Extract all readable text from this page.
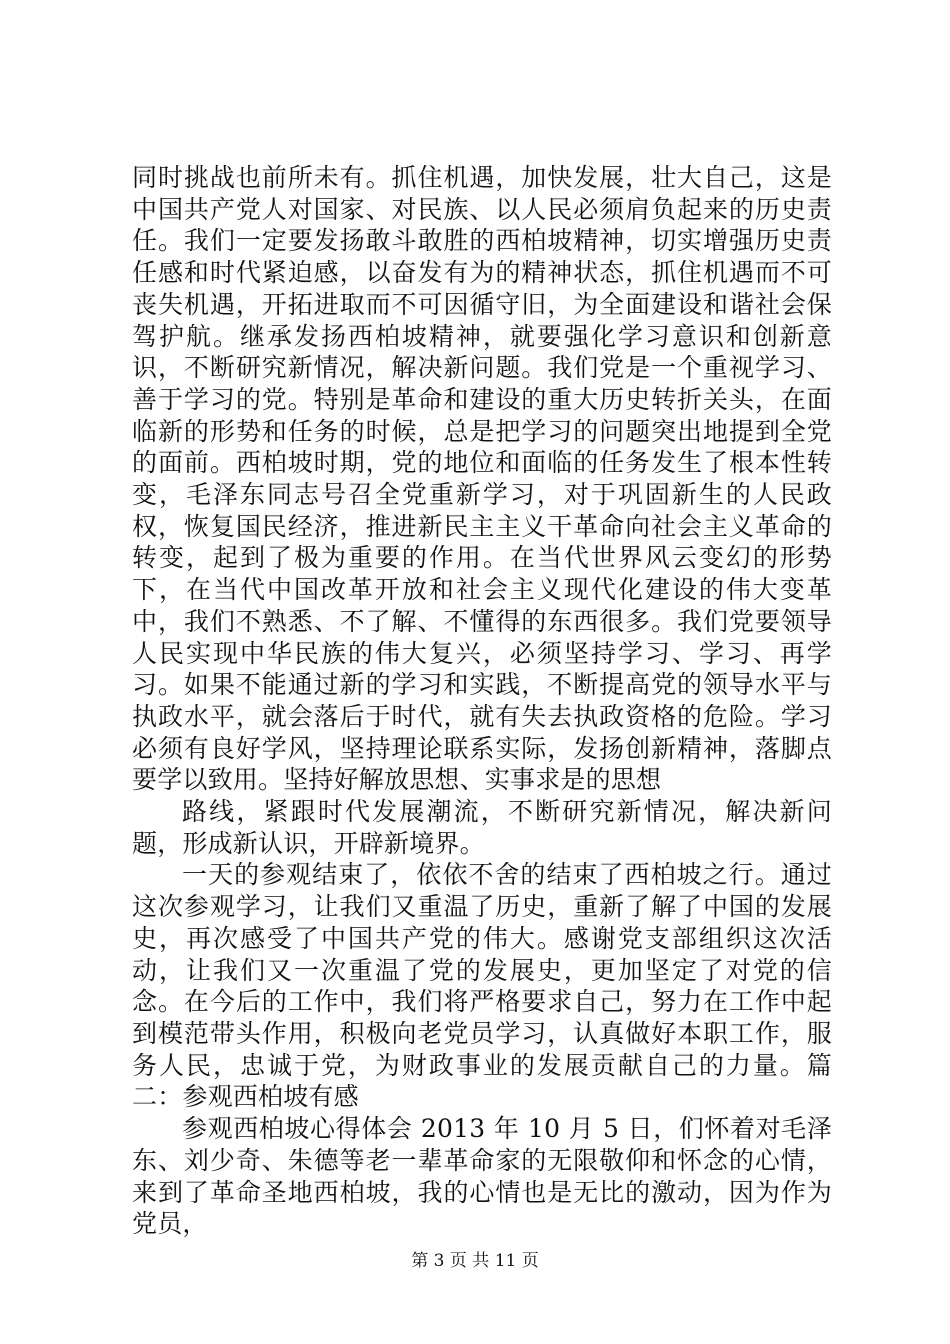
同时挑战也前所未有。抓住机遇，加快发展，壮大自己，这是中国共产党人对国家、对民族、以人民必须肩负起来的历史责任。我们一定要发扬敢斗敢胜的西柏坡精神，切实增强历史责任感和时代紧迫感，以奋发有为的精神状态，抓住机遇而不可丧失机遇，开拓进取而不可因循守旧，为全面建设和谐社会保驾护航。继承发扬西柏坡精神，就要强化学习意识和创新意识，不断研究新情况，解决新问题。我们党是一个重视学习、善于学习的党。特别是革命和建设的重大历史转折关头，在面临新的形势和任务的时候，总是把学习的问题突出地提到全党的面前。西柏坡时期，党的地位和面临的任务发生了根本性转变，毛泽东同志号召全党重新学习，对于巩固新生的人民政权，恢复国民经济，推进新民主主义干革命向社会主义革命的转变，起到了极为重要的作用。在当代世界风云变幻的形势下，在当代中国改革开放和社会主义现代化建设的伟大变革中，我们不熟悉、不了解、不懂得的东西很多。我们党要领导人民实现中华民族的伟大复兴，必须坚持学习、学习、再学习。如果不能通过新的学习和实践，不断提高党的领导水平与执政水平，就会落后于时代，就有失去执政资格的危险。学习必须有良好学风，坚持理论联系实际，发扬创新精神，落脚点要学以致用。坚持好解放思想、实事求是的思想

路线，紧跟时代发展潮流，不断研究新情况，解决新问题，形成新认识，开辟新境界。

一天的参观结束了，依依不舍的结束了西柏坡之行。通过这次参观学习，让我们又重温了历史，重新了解了中国的发展史，再次感受了中国共产党的伟大。感谢党支部组织这次活动，让我们又一次重温了党的发展史，更加坚定了对党的信念。在今后的工作中，我们将严格要求自己，努力在工作中起到模范带头作用，积极向老党员学习，认真做好本职工作，服务人民，忠诚于党，为财政事业的发展贡献自己的力量。篇二：参观西柏坡有感

参观西柏坡心得体会 2013 年 10 月 5 日，们怀着对毛泽东、刘少奇、朱德等老一辈革命家的无限敬仰和怀念的心情，来到了革命圣地西柏坡，我的心情也是无比的激动，因为作为党员，

第 3 页 共 11 页
